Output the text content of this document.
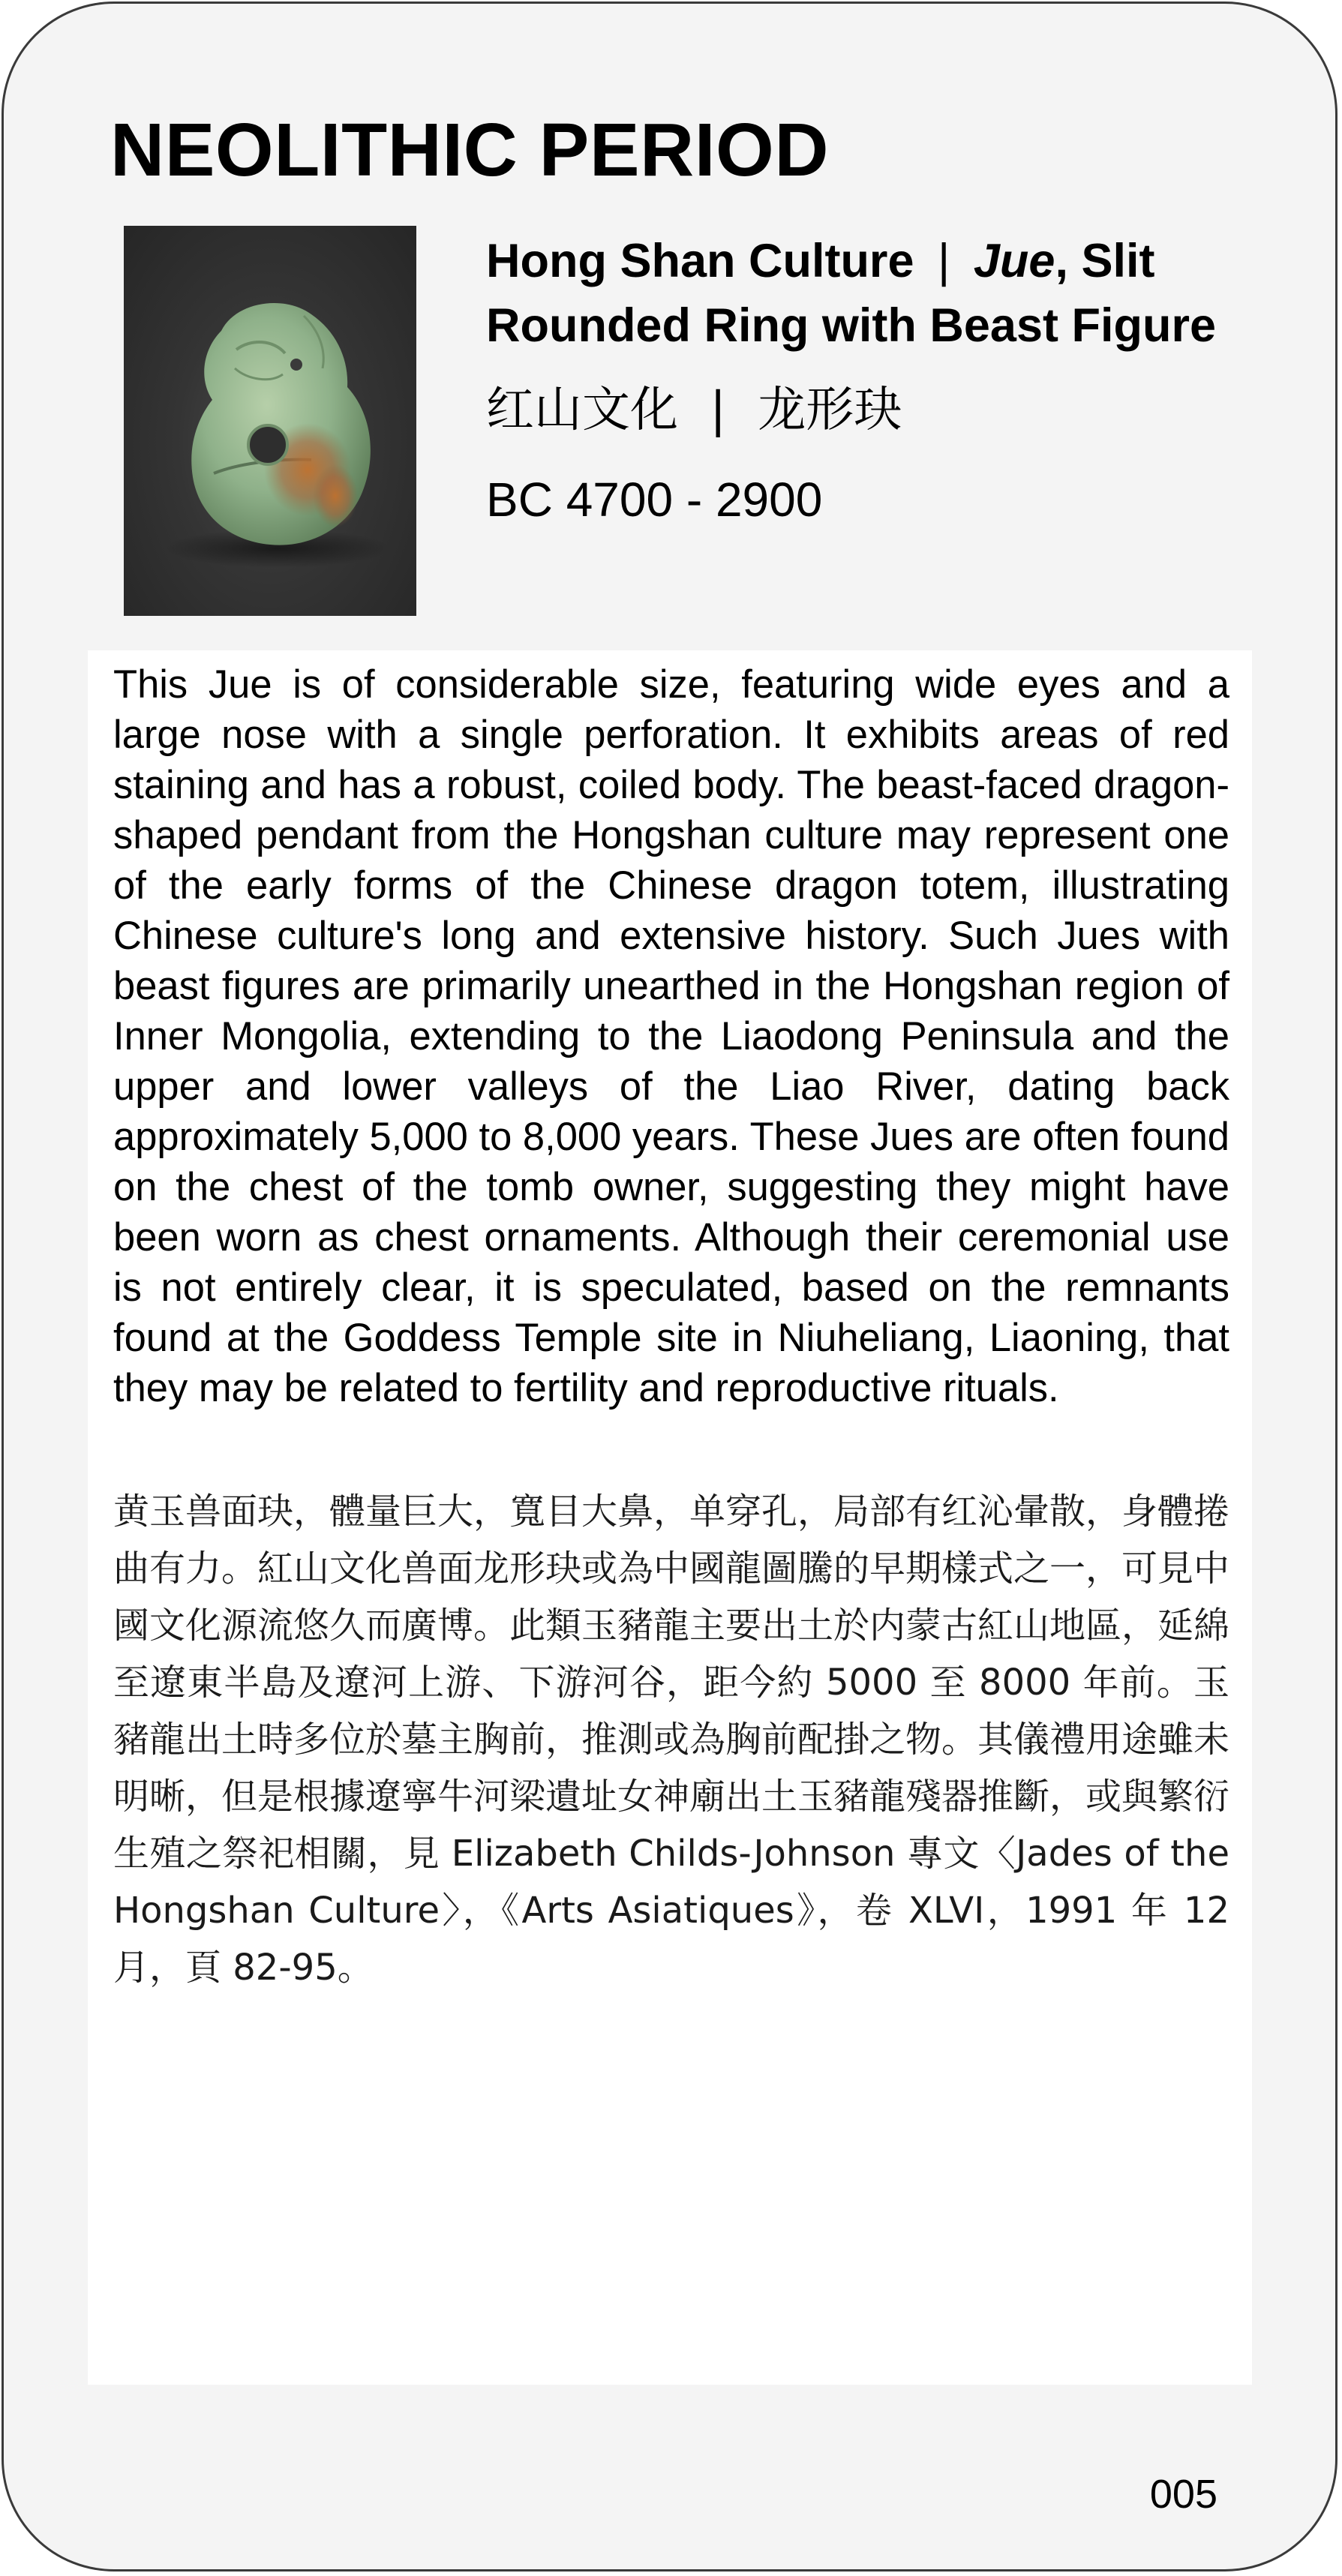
NEOLITHIC PERIOD

Hong Shan Culture | Jue, Slit Rounded Ring with Beast Figure

红山文化 | 龙形玦

BC 4700 - 2900

This Jue is of considerable size, featuring wide eyes and a large nose with a single perforation. It exhibits areas of red staining and has a robust, coiled body. The beast-faced dragon-shaped pendant from the Hongshan culture may represent one of the early forms of the Chinese dragon totem, illustrating Chinese culture's long and extensive history. Such Jues with beast figures are primarily unearthed in the Hongshan region of Inner Mongolia, extending to the Liaodong Peninsula and the upper and lower valleys of the Liao River, dating back approximately 5,000 to 8,000 years. These Jues are often found on the chest of the tomb owner, suggesting they might have been worn as chest ornaments. Although their ceremonial use is not entirely clear, it is speculated, based on the remnants found at the Goddess Temple site in Niuheliang, Liaoning, that they may be related to fertility and reproductive rituals.

黄玉兽面玦，體量巨大，寬目大鼻，单穿孔，局部有红沁暈散，身體捲曲有力。紅山文化兽面龙形玦或為中國龍圖騰的早期樣式之一，可見中國文化源流悠久而廣博。此類玉豬龍主要出土於内蒙古紅山地區，延綿至遼東半島及遼河上游、下游河谷，距今約 5000 至 8000 年前。玉豬龍出土時多位於墓主胸前，推測或為胸前配掛之物。其儀禮用途雖未明晰，但是根據遼寧牛河梁遺址女神廟出土玉豬龍殘器推斷，或與繁衍生殖之祭祀相關，見 Elizabeth Childs-Johnson 專文〈Jades of the Hongshan Culture〉，《Arts Asiatiques》，卷 XLVI，1991 年 12 月，頁 82-95。

005
